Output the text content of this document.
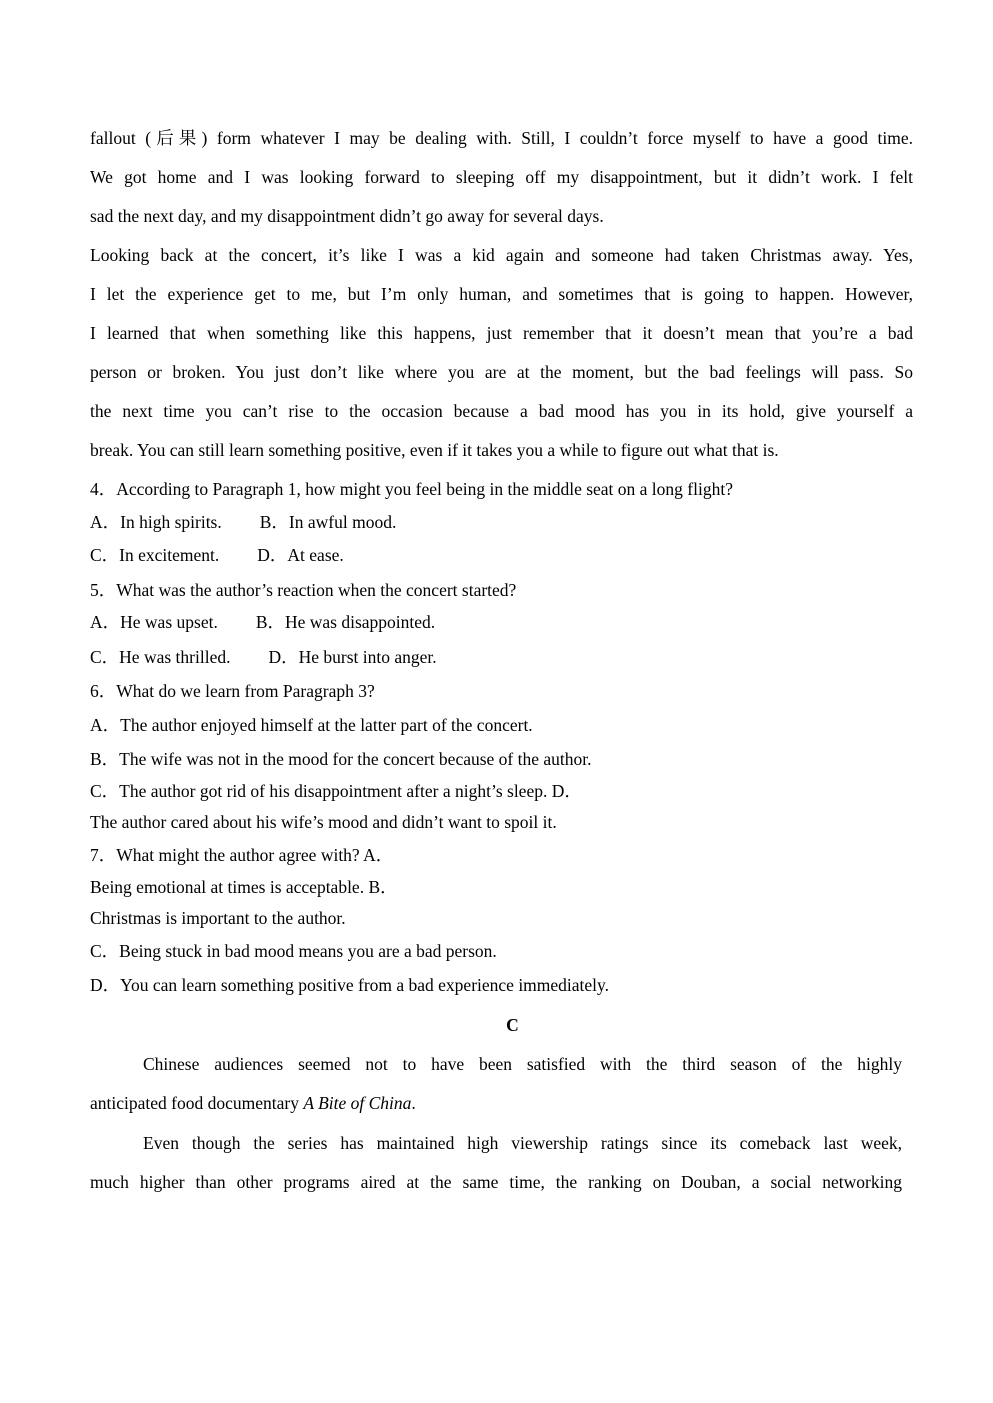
fallout (后果) form whatever I may be dealing with. Still, I couldn’t force myself to have a good time.
We got home and I was looking forward to sleeping off my disappointment, but it didn’t work. I felt
sad the next day, and my disappointment didn’t go away for several days.
Looking back at the concert, it’s like I was a kid again and someone had taken Christmas away. Yes,
I let the experience get to me, but I’m only human, and sometimes that is going to happen. However,
I learned that when something like this happens, just remember that it doesn’t mean that you’re a bad
person or broken. You just don’t like where you are at the moment, but the bad feelings will pass. So
the next time you can’t rise to the occasion because a bad mood has you in its hold, give yourself a
break. You can still learn something positive, even if it takes you a while to figure out what that is.
4．According to Paragraph 1, how might you feel being in the middle seat on a long flight?
A．In high spirits. B．In awful mood.
C．In excitement. D．At ease.
5．What was the author’s reaction when the concert started?
A．He was upset. B．He was disappointed.
C．He was thrilled. D．He burst into anger.
6．What do we learn from Paragraph 3?
A．The author enjoyed himself at the latter part of the concert.
B．The wife was not in the mood for the concert because of the author.
C．The author got rid of his disappointment after a night’s sleep. D．
The author cared about his wife’s mood and didn’t want to spoil it.
7．What might the author agree with? A．
Being emotional at times is acceptable. B．
Christmas is important to the author.
C．Being stuck in bad mood means you are a bad person.
D．You can learn something positive from a bad experience immediately.
C
Chinese audiences seemed not to have been satisfied with the third season of the highly
anticipated food documentary A Bite of China.
Even though the series has maintained high viewership ratings since its comeback last week,
much higher than other programs aired at the same time, the ranking on Douban, a social networking
